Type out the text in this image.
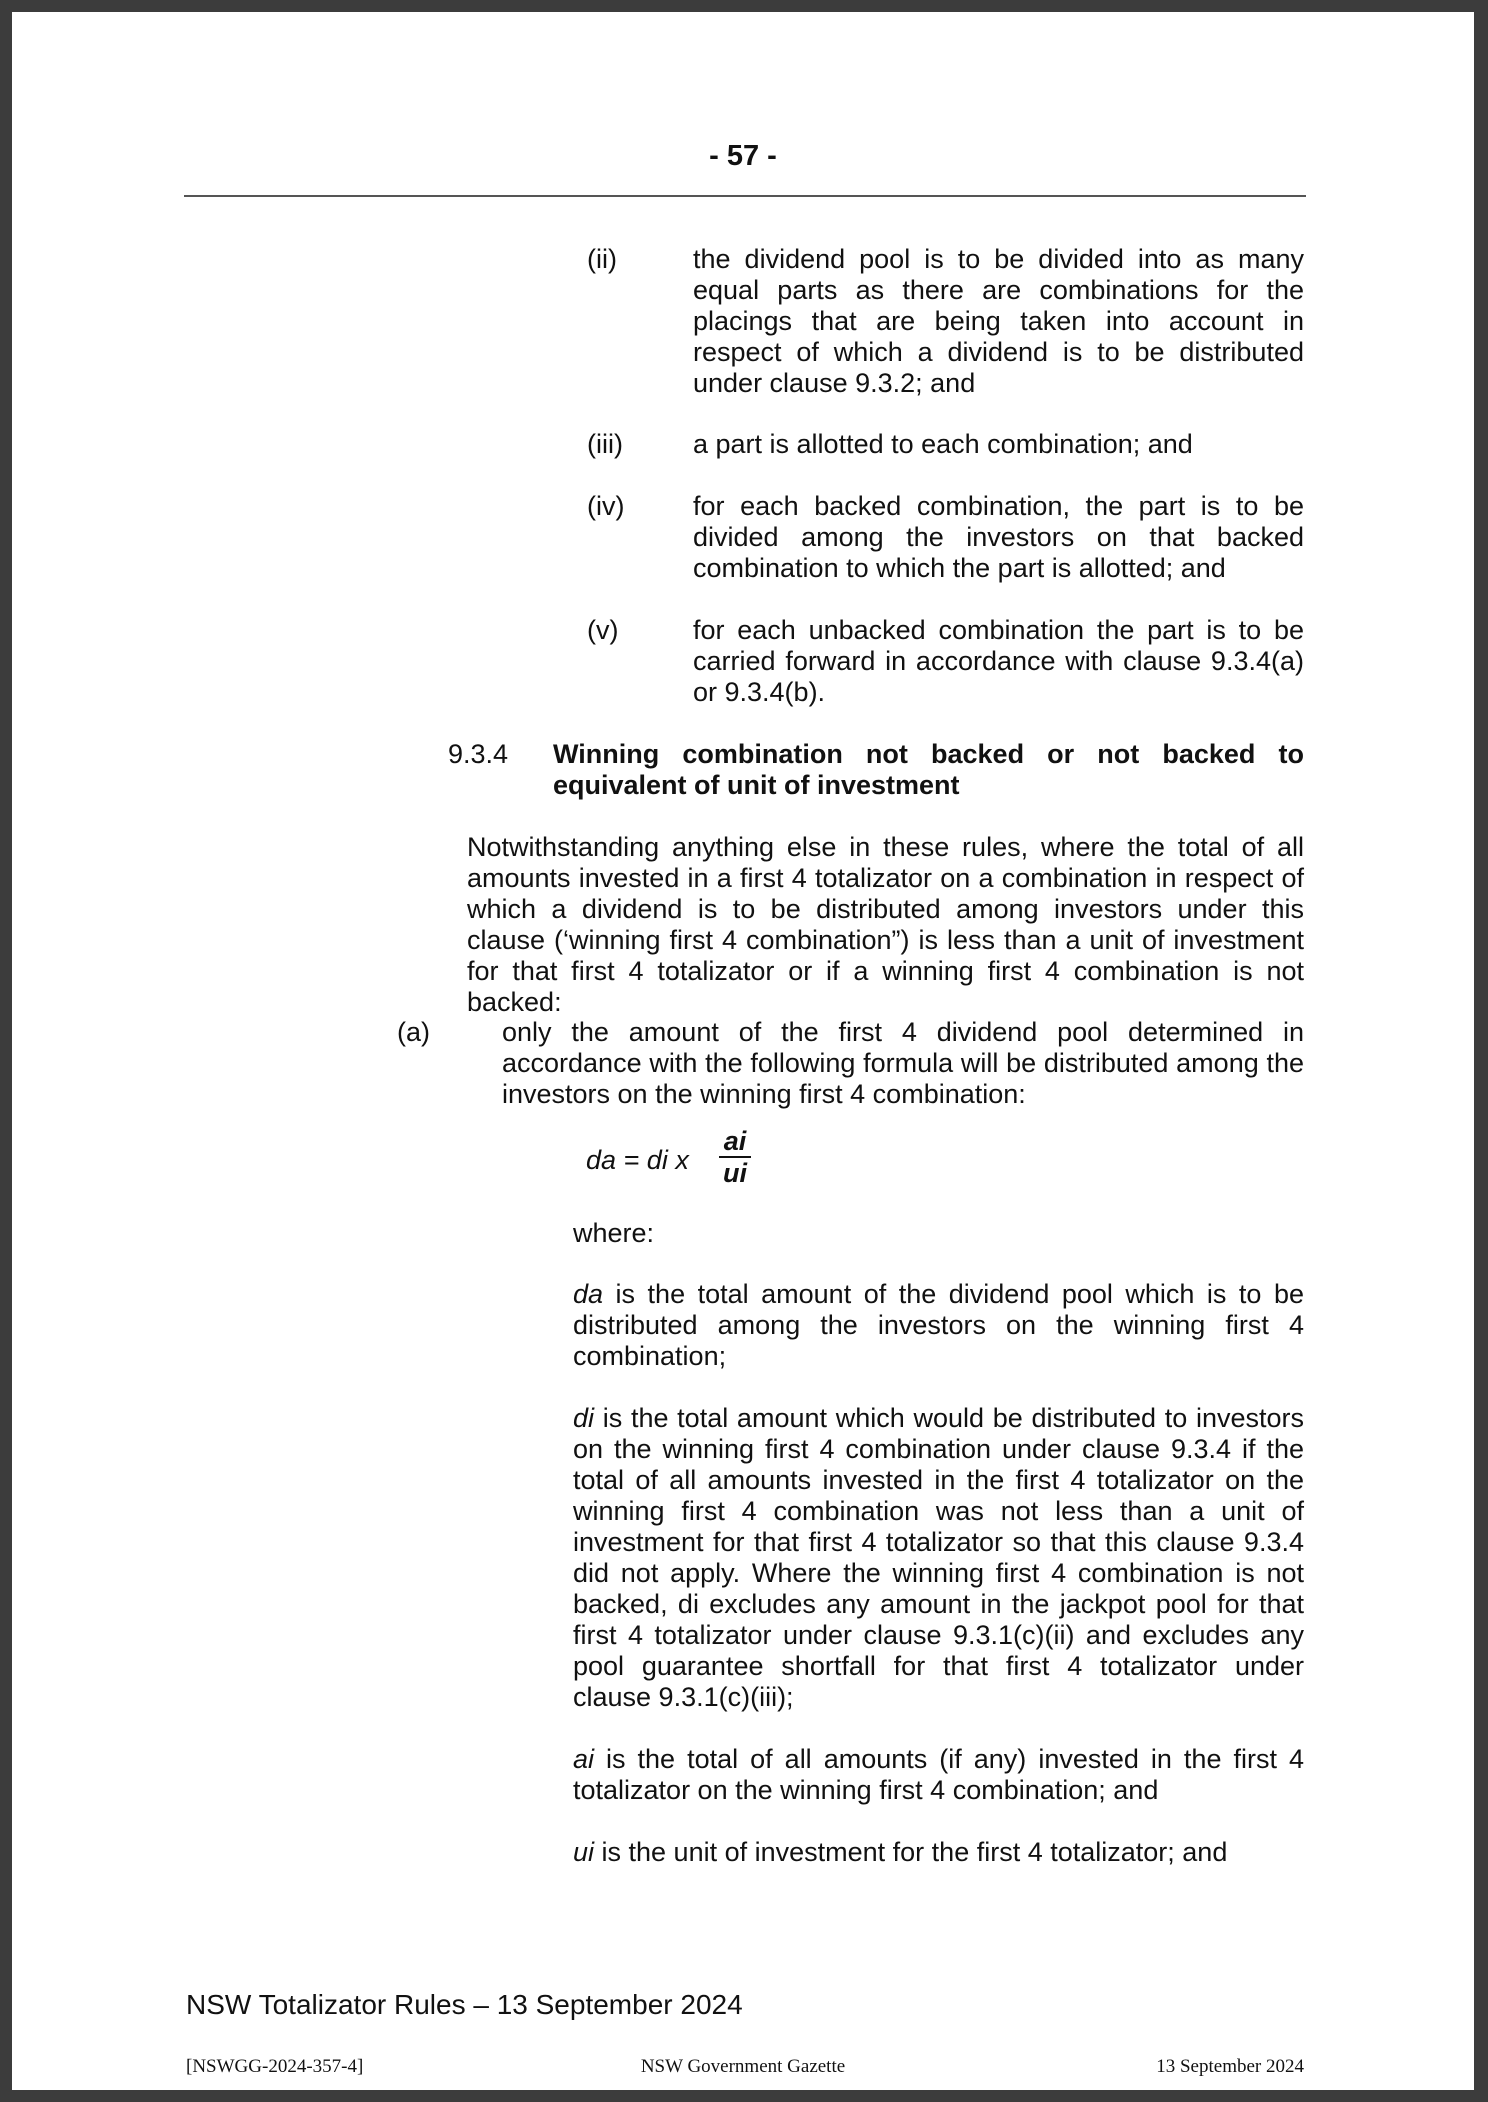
- 57 -
(ii)	the dividend pool is to be divided into as many equal parts as there are combinations for the placings that are being taken into account in respect of which a dividend is to be distributed under clause 9.3.2; and
(iii)	a part is allotted to each combination; and
(iv)	for each backed combination, the part is to be divided among the investors on that backed combination to which the part is allotted; and
(v)	for each unbacked combination the part is to be carried forward in accordance with clause 9.3.4(a) or 9.3.4(b).
9.3.4 Winning combination not backed or not backed to equivalent of unit of investment
Notwithstanding anything else in these rules, where the total of all amounts invested in a first 4 totalizator on a combination in respect of which a dividend is to be distributed among investors under this clause (‘winning first 4 combination”) is less than a unit of investment for that first 4 totalizator or if a winning first 4 combination is not backed:
(a)	only the amount of the first 4 dividend pool determined in accordance with the following formula will be distributed among the investors on the winning first 4 combination:
da = di x
ai
ui
where:
da is the total amount of the dividend pool which is to be distributed among the investors on the winning first 4 combination;
di is the total amount which would be distributed to investors on the winning first 4 combination under clause 9.3.4 if the total of all amounts invested in the first 4 totalizator on the winning first 4 combination was not less than a unit of investment for that first 4 totalizator so that this clause 9.3.4 did not apply. Where the winning first 4 combination is not backed, di excludes any amount in the jackpot pool for that first 4 totalizator under clause 9.3.1(c)(ii) and excludes any pool guarantee shortfall for that first 4 totalizator under clause 9.3.1(c)(iii);
ai is the total of all amounts (if any) invested in the first 4 totalizator on the winning first 4 combination; and
ui is the unit of investment for the first 4 totalizator; and
NSW Totalizator Rules – 13 September 2024
[NSWGG-2024-357-4]	NSW Government Gazette	13 September 2024
